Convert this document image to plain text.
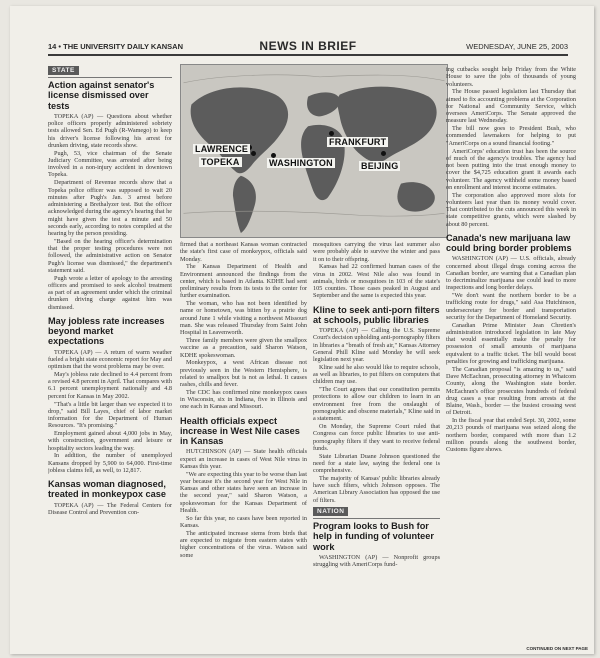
14 • THE UNIVERSITY DAILY KANSAN	NEWS IN BRIEF	WEDNESDAY, JUNE 25, 2003
STATE
Action against senator's license dismissed over tests

TOPEKA (AP) — Questions about whether police officers properly administered sobriety tests allowed Sen. Ed Pugh (R-Wamego) to keep his driver's license following his arrest for drunken driving, state records show.

Pugh, 53, vice chairman of the Senate Judiciary Committee, was arrested after being involved in a non-injury accident in downtown Topeka.

Department of Revenue records show that a Topeka police officer was supposed to wait 20 minutes after Pugh's Jan. 3 arrest before administering a Brethalyzer test. But the officer acknowledged during the agency's hearing that he might have given the test a minute and 50 seconds early, according to notes compiled at the hearing by the person presiding.

"Based on the hearing officer's determination that the proper testing procedures were not followed, the administrative action on Senator Pugh's license was dismissed," the department's statement said.

Pugh wrote a letter of apology to the arresting officers and promised to seek alcohol treatment as part of an agreement under which the criminal drunken driving charge against him was dismissed.

May jobless rate increases beyond market expectations

TOPEKA (AP) — A return of warm weather fueled a bright state economic report for May and optimism that the worst problems may be over.

May's jobless rate declined to 4.4 percent from a revised 4.8 percent in April. That compares with 6.1 percent unemployment nationally and 4.8 percent for Kansas in May 2002.

"That's a little bit larger than we expected it to drop," said Bill Layes, chief of labor market information for the Department of Human Resources. "It's promising."

Employment gained about 4,000 jobs in May, with construction, government and leisure or hospitality sectors leading the way.

In addition, the number of unemployed Kansans dropped by 5,900 to 64,000. First-time jobless claims fell, as well, to 12,817.

Kansas woman diagnosed, treated in monkeypox case

TOPEKA (AP) — The Federal Centers for Disease Control and Prevention con-

LAWRENCE
TOPEKA	WASHINGTON
FRANKFURT
BEIJING

firmed that a northeast Kansas woman contracted the state's first case of monkeypox, officials said Monday.

The Kansas Department of Health and Environment announced the findings from the center, which is based in Atlanta. KDHE had sent preliminary results from its tests to the center for further examination.

The woman, who has not been identified by name or hometown, was bitten by a prairie dog around June 1 while visiting a northwest Missouri man. She was released Thursday from Saint John Hospital in Leavenworth.

Three family members were given the smallpox vaccine as a precaution, said Sharon Watson, KDHE spokeswoman.

Monkeypox, a west African disease not previously seen in the Western Hemisphere, is related to smallpox but is not as lethal. It causes rashes, chills and fever.

The CDC has confirmed nine monkeypox cases in Wisconsin, six in Indiana, five in Illinois and one each in Kansas and Missouri.

Health officials expect increase in West Nile cases in Kansas

HUTCHINSON (AP) — State health officials expect an increase in cases of West Nile virus in Kansas this year.

"We are expecting this year to be worse than last year because it's the second year for West Nile in Kansas and other states have seen an increase in the second year," said Sharon Watson, a spokeswoman for the Kansas Department of Health.

So far this year, no cases have been reported in Kansas.

The anticipated increase stems from birds that are expected to migrate from eastern states with higher concentrations of the virus. Watson said some

mosquitoes carrying the virus last summer also were probably able to survive the winter and pass it on to their offspring.

Kansas had 22 confirmed human cases of the virus in 2002. West Nile also was found in animals, birds or mosquitoes in 103 of the state's 105 counties. Those cases peaked in August and September and the same is expected this year.

Kline to seek anti-porn filters at schools, public libraries

TOPEKA (AP) — Calling the U.S. Supreme Court's decision upholding anti-pornography filters in libraries a "breath of fresh air," Kansas Attorney General Phill Kline said Monday he will seek legislation next year.

Kline said he also would like to require schools, as well as libraries, to put filters on computers that children may use.

"The Court agrees that our constitution permits protections to allow our children to learn in an environment free from the onslaught of pornographic and obscene materials," Kline said in a statement.

On Monday, the Supreme Court ruled that Congress can force public libraries to use anti-pornography filters if they want to receive federal funds.

State Librarian Duane Johnson questioned the need for a state law, saying the federal one is comprehensive.

The majority of Kansas' public libraries already have such filters, which Johnson opposes. The American Library Association has opposed the use of filters.

NATION
Program looks to Bush for help in funding of volunteer work

WASHINGTON (AP) — Nonprofit groups struggling with AmeriCorps fund-

ing cutbacks sought help Friday from the White House to save the jobs of thousands of young volunteers.

The House passed legislation last Thursday that aimed to fix accounting problems at the Corporation for National and Community Service, which oversees AmeriCorps. The Senate approved the measure last Wednesday.

The bill now goes to President Bush, who commended lawmakers for helping to put "AmeriCorps on a sound financial footing."

AmeriCorps' education trust has been the source of much of the agency's troubles. The agency had not been putting into the trust enough money to cover the $4,725 education grant it awards each volunteer. The agency withheld some money based on enrollment and interest income estimates.

The corporation also approved more slots for volunteers last year than its money would cover. That contributed to the cuts announced this week in state competitive grants, which were slashed by about 80 percent.

Canada's new marijuana law could bring border problems

WASHINGTON (AP) — U.S. officials, already concerned about illegal drugs coming across the Canadian border, are warning that a Canadian plan to decriminalize marijuana use could lead to more inspections and long border delays.

"We don't want the northern border to be a trafficking route for drugs," said Asa Hutchinson, undersecretary for border and transportation security for the Department of Homeland Security.

Canadian Prime Minister Jean Chretien's administration introduced legislation in late May that would essentially make the penalty for possession of small amounts of marijuana equivalent to a traffic ticket. The bill would boost penalties for growing and trafficking marijuana.

The Canadian proposal "is amazing to us," said Dave McEachran, prosecuting attorney in Whatcom County, along the Washington state border. McEachran's office prosecutes hundreds of federal drug cases a year resulting from arrests at the Blaine, Wash., border — the busiest crossing west of Detroit.

In the fiscal year that ended Sept. 30, 2002, some 20,213 pounds of marijuana was seized along the northern border, compared with more than 1.2 million pounds along the southwest border, Customs figure shows.

CONTINUED ON NEXT PAGE
